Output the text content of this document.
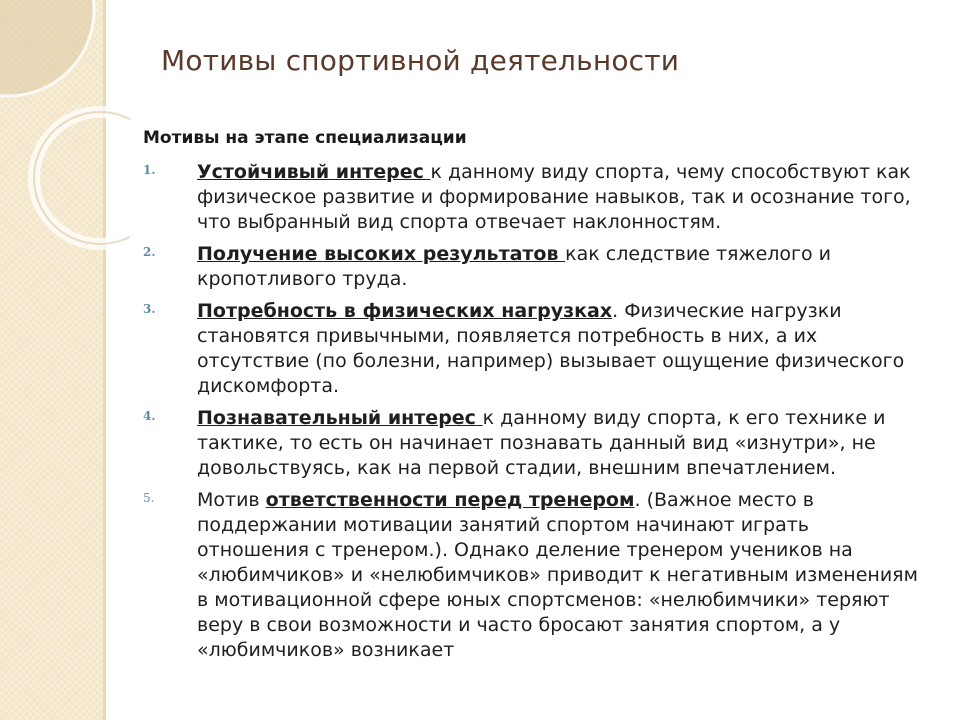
Мотивы спортивной деятельности

Мотивы на этапе специализации

1. Устойчивый интерес к данному виду спорта, чему способствуют как физическое развитие и формирование навыков, так и осознание того, что выбранный вид спорта отвечает наклонностям.
2. Получение высоких результатов как следствие тяжелого и кропотливого труда.
3. Потребность в физических нагрузках. Физические нагрузки становятся привычными, появляется потребность в них, а их отсутствие (по болезни, например) вызывает ощущение физического дискомфорта.
4. Познавательный интерес к данному виду спорта, к его технике и тактике, то есть он начинает познавать данный вид «изнутри», не довольствуясь, как на первой стадии, внешним впечатлением.
5. Мотив ответственности перед тренером. (Важное место в поддержании мотивации занятий спортом начинают играть отношения с тренером.). Однако деление тренером учеников на «любимчиков» и «нелюбимчиков» приводит к негативным изменениям в мотивационной сфере юных спортсменов: «нелюбимчики» теряют веру в свои возможности и часто бросают занятия спортом, а у «любимчиков» возникает
